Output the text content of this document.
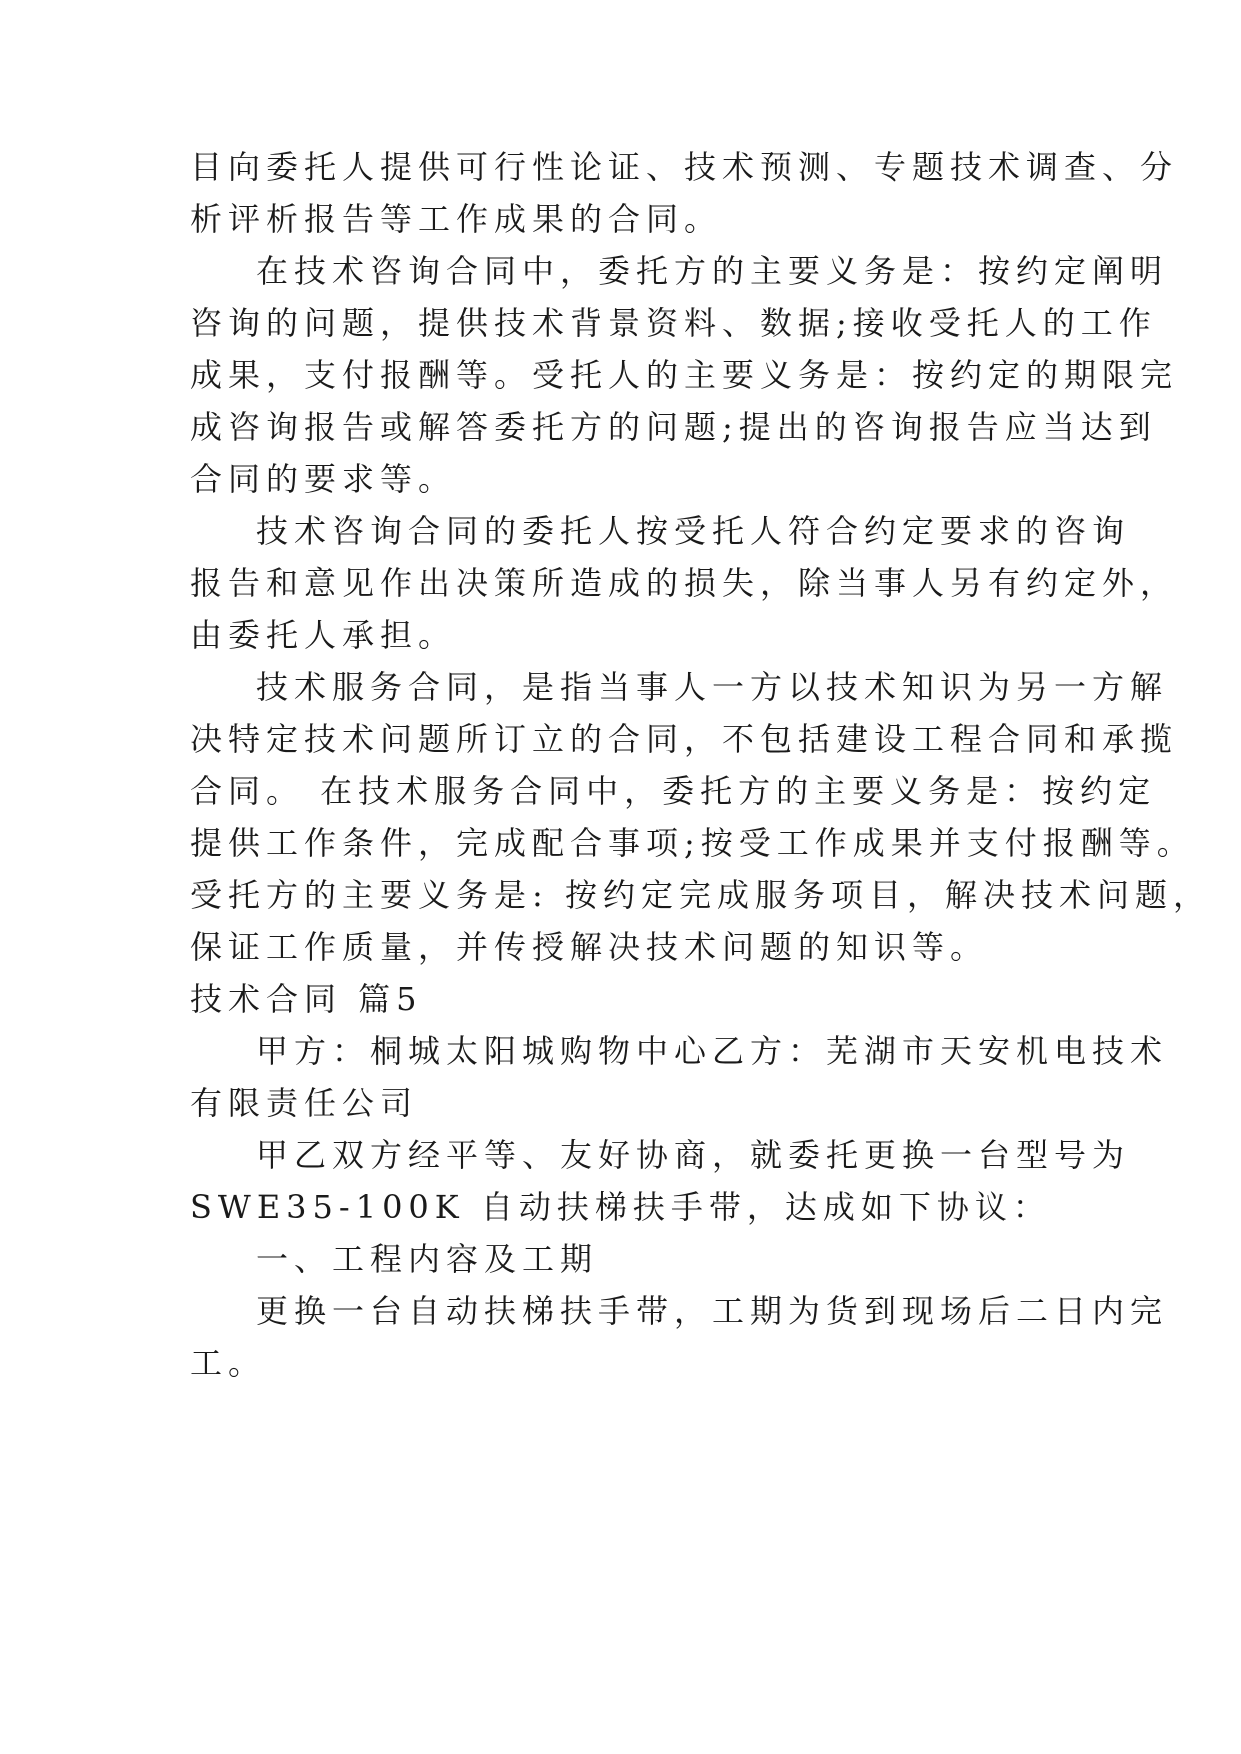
目向委托人提供可行性论证、技术预测、专题技术调查、分
析评析报告等工作成果的合同。
在技术咨询合同中，委托方的主要义务是：按约定阐明
咨询的问题，提供技术背景资料、数据;接收受托人的工作
成果，支付报酬等。受托人的主要义务是：按约定的期限完
成咨询报告或解答委托方的问题;提出的咨询报告应当达到
合同的要求等。
技术咨询合同的委托人按受托人符合约定要求的咨询
报告和意见作出决策所造成的损失，除当事人另有约定外，
由委托人承担。
技术服务合同，是指当事人一方以技术知识为另一方解
决特定技术问题所订立的合同，不包括建设工程合同和承揽
合同。 在技术服务合同中，委托方的主要义务是：按约定
提供工作条件，完成配合事项;按受工作成果并支付报酬等。
受托方的主要义务是: 按约定完成服务项目，解决技术问题，
保证工作质量，并传授解决技术问题的知识等。
技术合同 篇5
甲方：桐城太阳城购物中心乙方：芜湖市天安机电技术
有限责任公司
甲乙双方经平等、友好协商，就委托更换一台型号为
SWE35-100K 自动扶梯扶手带，达成如下协议：
一、工程内容及工期
更换一台自动扶梯扶手带，工期为货到现场后二日内完
工。
